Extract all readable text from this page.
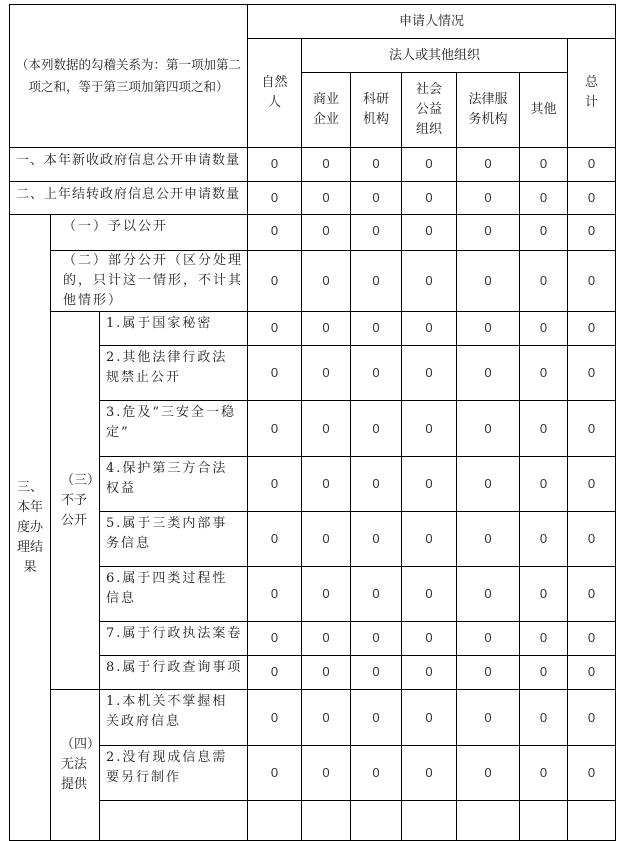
（本列数据的勾稽关系为：第一项加第二项之和，等于第三项加第四项之和）			申请人情况						
			自然人	法人或其他组织					总计
				商业企业	科研机构	社会公益组织	法律服务机构	其他	
一、本年新收政府信息公开申请数量			0	0	0	0	0	0	0
二、上年结转政府信息公开申请数量			0	0	0	0	0	0	0
三、本年度办理结果	（一）予以公开		0	0	0	0	0	0	0
	（二）部分公开（区分处理的，只计这一情形，不计其他情形）		0	0	0	0	0	0	0
	（三）不予公开	1.属于国家秘密	0	0	0	0	0	0	0
		2.其他法律行政法规禁止公开	0	0	0	0	0	0	0
		3.危及“三安全一稳定”	0	0	0	0	0	0	0
		4.保护第三方合法权益	0	0	0	0	0	0	0
		5.属于三类内部事务信息	0	0	0	0	0	0	0
		6.属于四类过程性信息	0	0	0	0	0	0	0
		7.属于行政执法案卷	0	0	0	0	0	0	0
		8.属于行政查询事项	0	0	0	0	0	0	0
	（四）无法提供	1.本机关不掌握相关政府信息	0	0	0	0	0	0	0
		2.没有现成信息需要另行制作	0	0	0	0	0	0	0
